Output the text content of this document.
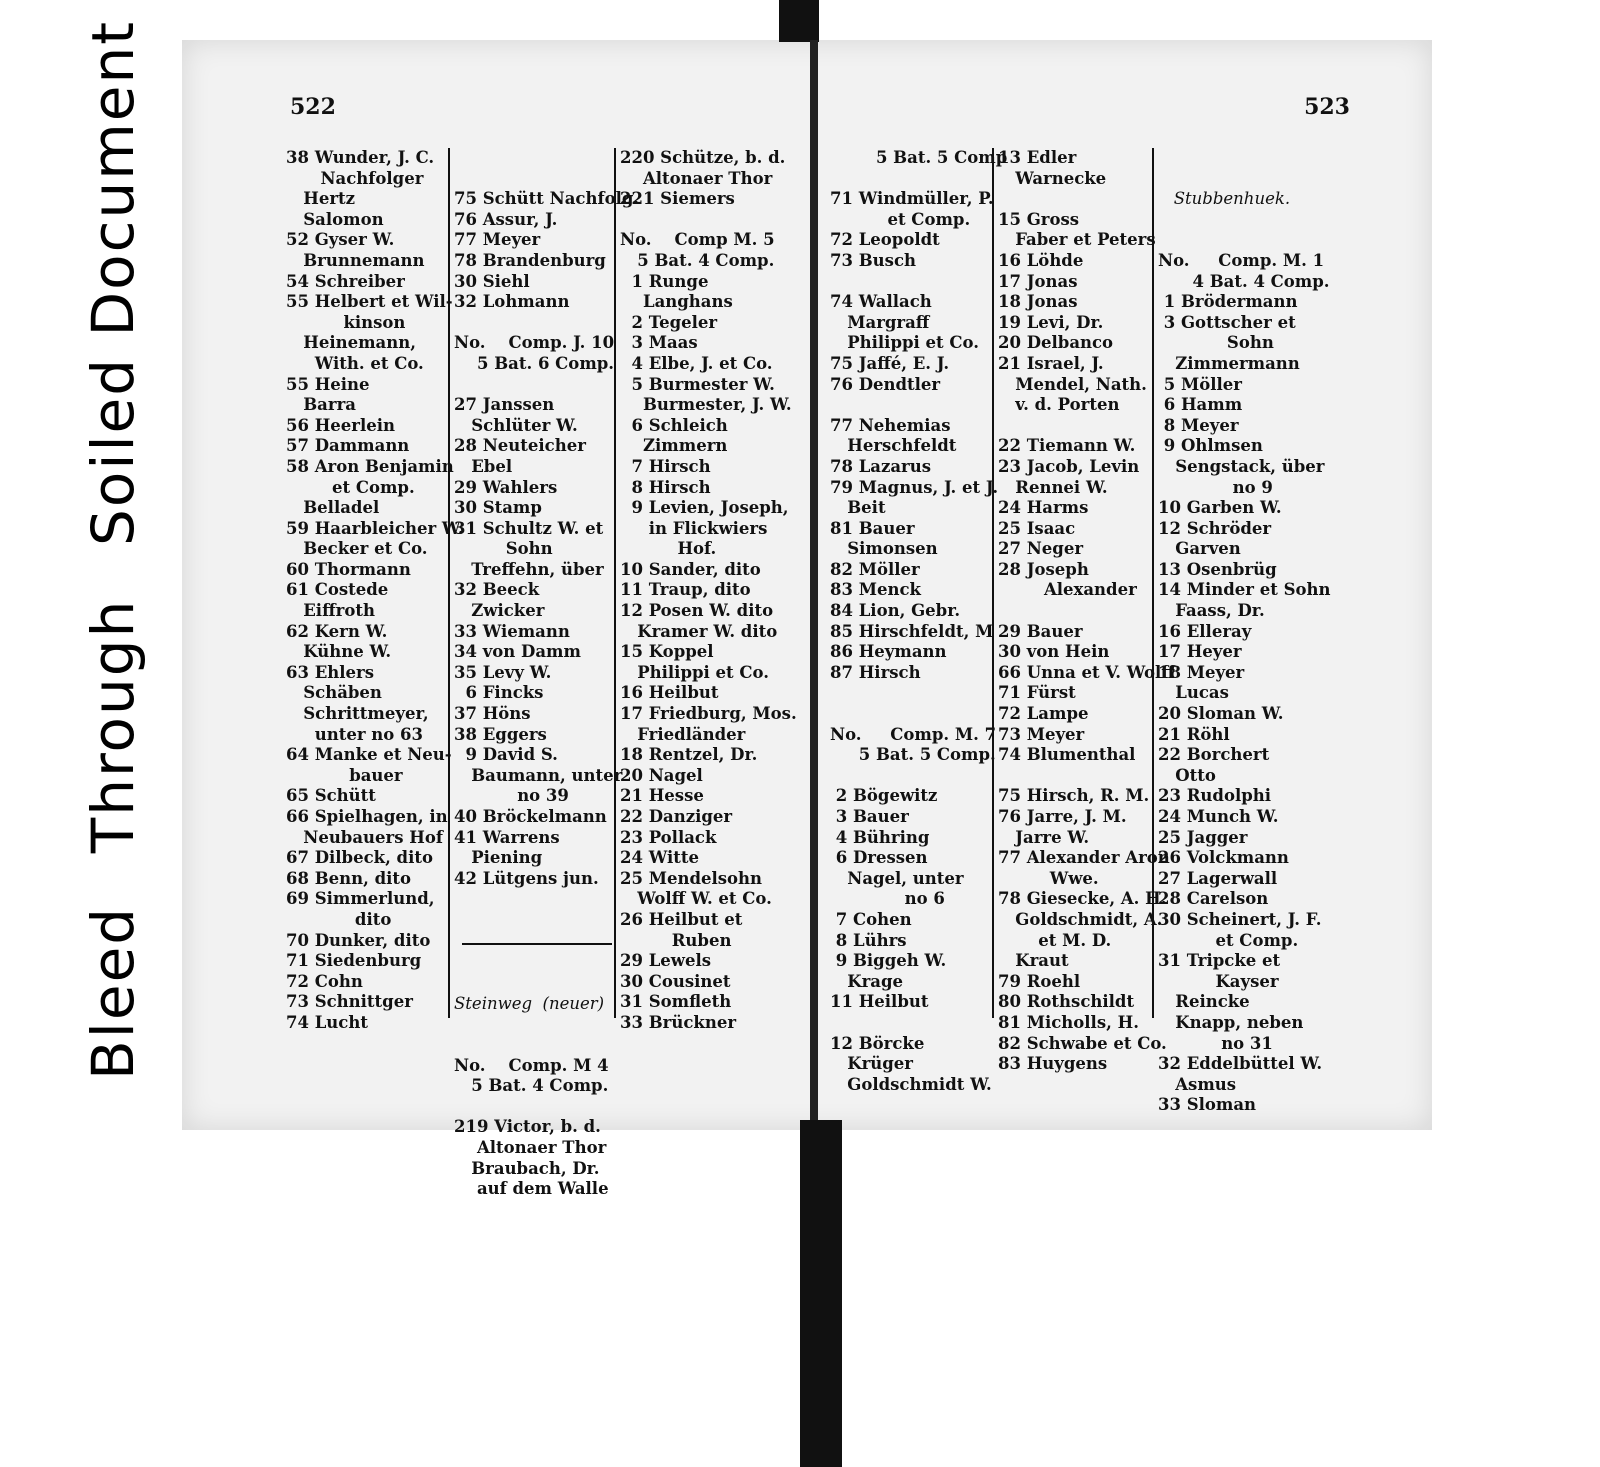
Bleed
Through
Soiled Document	522
38 Wunder, J. C.
Nachfolger
Hertz
Salomon
52 Gyser W.
Brunnemann
54 Schreiber
55 Helbert et Wil-
kinson
Heinemann,
With. et Co.
55 Heine
Barra
56 Heerlein
57 Dammann
58 Aron Benjamin
et Comp.
Belladel
59 Haarbleicher W.
Becker et Co.
60 Thormann
61 Costede
Eiffroth
62 Kern W.
Kühne W.
63 Ehlers
Schäben
Schrittmeyer,
unter no 63
64 Manke et Neu-
bauer
65 Schütt
66 Spielhagen, in
Neubauers Hof
67 Dilbeck, dito
68 Benn, dito
69 Simmerlund,
dito
70 Dunker, dito
71 Siedenburg
72 Cohn
73 Schnittger
74 Lucht

75 Schütt Nachfolg.
76 Assur, J.
77 Meyer
78 Brandenburg
30 Siehl
32 Lohmann

No.    Comp. J. 10
5 Bat. 6 Comp.

27 Janssen
Schlüter W.
28 Neuteicher
Ebel
29 Wahlers
30 Stamp
31 Schultz W. et
Sohn
Treffehn, über
32 Beeck
Zwicker
33 Wiemann
34 von Damm
35 Levy W.
6 Fincks
37 Höns
38 Eggers
9 David S.
Baumann, unter
no 39
40 Bröckelmann
41 Warrens
Piening
42 Lütgens jun.

Steinweg  (neuer)

No.    Comp. M 4
5 Bat. 4 Comp.

219 Victor, b. d.
Altonaer Thor
Braubach, Dr.
auf dem Walle

220 Schütze, b. d.
Altonaer Thor
221 Siemers

No.    Comp M. 5
5 Bat. 4 Comp.
1 Runge
Langhans
2 Tegeler
3 Maas
4 Elbe, J. et Co.
5 Burmester W.
Burmester, J. W.
6 Schleich
Zimmern
7 Hirsch
8 Hirsch
9 Levien, Joseph,
in Flickwiers
Hof.
10 Sander, dito
11 Traup, dito
12 Posen W. dito
Kramer W. dito
15 Koppel
Philippi et Co.
16 Heilbut
17 Friedburg, Mos.
Friedländer
18 Rentzel, Dr.
20 Nagel
21 Hesse
22 Danziger
23 Pollack
24 Witte
25 Mendelsohn
Wolff W. et Co.
26 Heilbut et
Ruben
29 Lewels
30 Cousinet
31 Somfleth
33 Brückner
523
5 Bat. 5 Comp

71 Windmüller, P.
et Comp.
72 Leopoldt
73 Busch

74 Wallach
Margraff
Philippi et Co.
75 Jaffé, E. J.
76 Dendtler

77 Nehemias
Herschfeldt
78 Lazarus
79 Magnus, J. et J.
Beit
81 Bauer
Simonsen
82 Möller
83 Menck
84 Lion, Gebr.
85 Hirschfeldt, M
86 Heymann
87 Hirsch

No.     Comp. M. 7
5 Bat. 5 Comp.

2 Bögewitz
3 Bauer
4 Bühring
6 Dressen
Nagel, unter
no 6
7 Cohen
8 Lührs
9 Biggeh W.
Krage
11 Heilbut

12 Börcke
Krüger
Goldschmidt W.
13 Edler
Warnecke

15 Gross
Faber et Peters
16 Löhde
17 Jonas
18 Jonas
19 Levi, Dr.
20 Delbanco
21 Israel, J.
Mendel, Nath.
v. d. Porten

22 Tiemann W.
23 Jacob, Levin
Rennei W.
24 Harms
25 Isaac
27 Neger
28 Joseph
Alexander

29 Bauer
30 von Hein
66 Unna et V. Wolff
71 Fürst
72 Lampe
73 Meyer
74 Blumenthal

75 Hirsch, R. M.
76 Jarre, J. M.
Jarre W.
77 Alexander Aron
Wwe.
78 Giesecke, A. H.
Goldschmidt, A.
et M. D.
Kraut
79 Roehl
80 Rothschildt
81 Micholls, H.
82 Schwabe et Co.
83 Huygens

Stubbenhuek.

No.     Comp. M. 1
4 Bat. 4 Comp.
1 Brödermann
3 Gottscher et
Sohn
Zimmermann
5 Möller
6 Hamm
8 Meyer
9 Ohlmsen
Sengstack, über
no 9
10 Garben W.
12 Schröder
Garven
13 Osenbrüg
14 Minder et Sohn
Faass, Dr.
16 Elleray
17 Heyer
18 Meyer
Lucas
20 Sloman W.
21 Röhl
22 Borchert
Otto
23 Rudolphi
24 Munch W.
25 Jagger
26 Volckmann
27 Lagerwall
28 Carelson
30 Scheinert, J. F.
et Comp.
31 Tripcke et
Kayser
Reincke
Knapp, neben
no 31
32 Eddelbüttel W.
Asmus
33 Sloman
